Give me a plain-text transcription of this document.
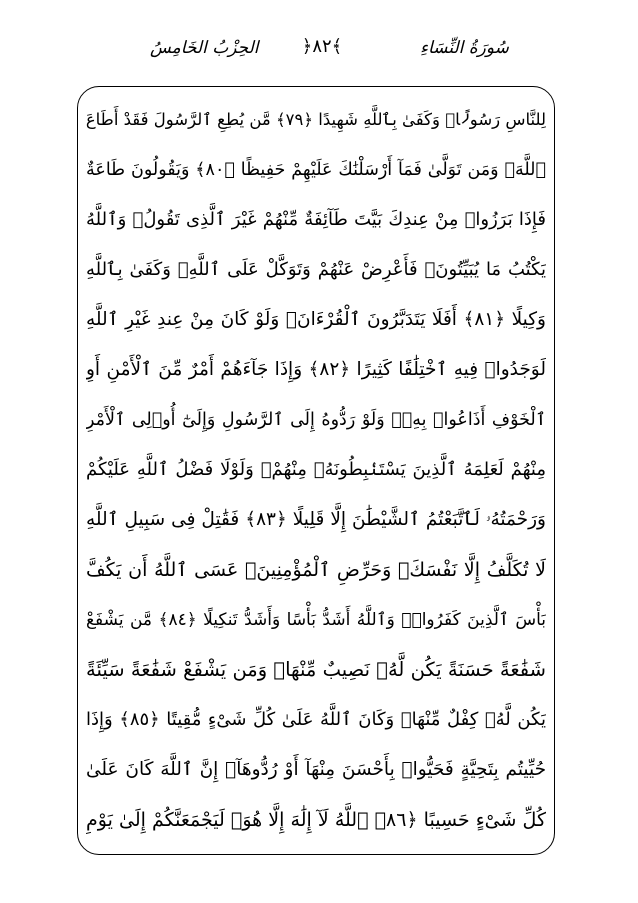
الحِزْبُ الخَامِسُ	﴿٨٢﴾	سُورَةُ النِّسَاءِ
لِلنَّاسِ رَسُولًاۚ وَكَفَىٰ بِٱللَّهِ شَهِيدًا ﴿٧٩﴾ مَّن يُطِعِ ٱلرَّسُولَ فَقَدْ أَطَاعَ
ٱللَّهَۖ وَمَن تَوَلَّىٰ فَمَآ أَرْسَلْنَٰكَ عَلَيْهِمْ حَفِيظًا ﴿٨٠﴾ وَيَقُولُونَ طَاعَةٌ
فَإِذَا بَرَزُوا۟ مِنْ عِندِكَ بَيَّتَ طَآئِفَةٌ مِّنْهُمْ غَيْرَ ٱلَّذِى تَقُولُۖ وَٱللَّهُ
يَكْتُبُ مَا يُبَيِّتُونَۖ فَأَعْرِضْ عَنْهُمْ وَتَوَكَّلْ عَلَى ٱللَّهِۚ وَكَفَىٰ بِٱللَّهِ
وَكِيلًا ﴿٨١﴾ أَفَلَا يَتَدَبَّرُونَ ٱلْقُرْءَانَۚ وَلَوْ كَانَ مِنْ عِندِ غَيْرِ ٱللَّهِ
لَوَجَدُوا۟ فِيهِ ٱخْتِلَٰفًا كَثِيرًا ﴿٨٢﴾ وَإِذَا جَآءَهُمْ أَمْرٌ مِّنَ ٱلْأَمْنِ أَوِ
ٱلْخَوْفِ أَذَاعُوا۟ بِهِۦۖ وَلَوْ رَدُّوهُ إِلَى ٱلرَّسُولِ وَإِلَىٰٓ أُو۟لِى ٱلْأَمْرِ
مِنْهُمْ لَعَلِمَهُ ٱلَّذِينَ يَسْتَنۢبِطُونَهُۥ مِنْهُمْۗ وَلَوْلَا فَضْلُ ٱللَّهِ عَلَيْكُمْ
وَرَحْمَتُهُۥ لَٱتَّبَعْتُمُ ٱلشَّيْطَٰنَ إِلَّا قَلِيلًا ﴿٨٣﴾ فَقَٰتِلْ فِى سَبِيلِ ٱللَّهِ
لَا تُكَلَّفُ إِلَّا نَفْسَكَۚ وَحَرِّضِ ٱلْمُؤْمِنِينَۖ عَسَى ٱللَّهُ أَن يَكُفَّ
بَأْسَ ٱلَّذِينَ كَفَرُوا۟ۚ وَٱللَّهُ أَشَدُّ بَأْسًا وَأَشَدُّ تَنكِيلًا ﴿٨٤﴾ مَّن يَشْفَعْ
شَفَٰعَةً حَسَنَةً يَكُن لَّهُۥ نَصِيبٌ مِّنْهَاۖ وَمَن يَشْفَعْ شَفَٰعَةً سَيِّئَةً
يَكُن لَّهُۥ كِفْلٌ مِّنْهَاۗ وَكَانَ ٱللَّهُ عَلَىٰ كُلِّ شَىْءٍ مُّقِيتًا ﴿٨٥﴾ وَإِذَا
حُيِّيتُم بِتَحِيَّةٍ فَحَيُّوا۟ بِأَحْسَنَ مِنْهَآ أَوْ رُدُّوهَآۗ إِنَّ ٱللَّهَ كَانَ عَلَىٰ
كُلِّ شَىْءٍ حَسِيبًا ﴿٨٦﴾ ٱللَّهُ لَآ إِلَٰهَ إِلَّا هُوَۚ لَيَجْمَعَنَّكُمْ إِلَىٰ يَوْمِ
